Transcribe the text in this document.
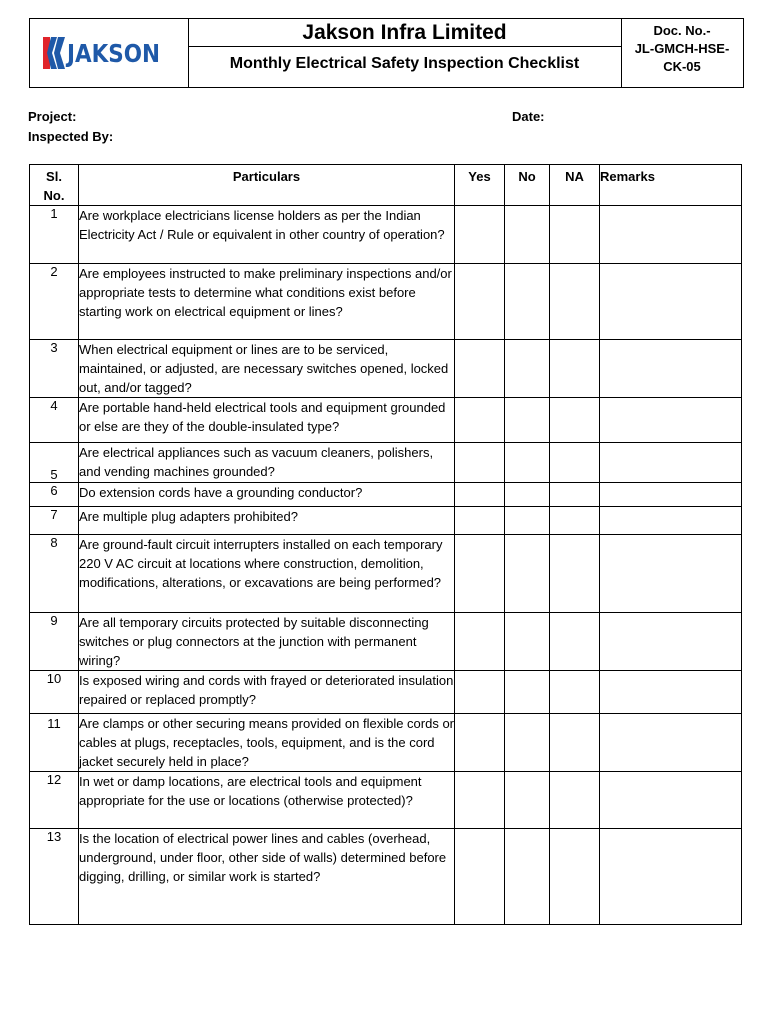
JAKSON
Jakson Infra Limited
Monthly Electrical Safety Inspection Checklist
Doc. No.-
JL-GMCH-HSE-
CK-05
Project:	Date:
Inspected By:
Sl.
No.	Particulars	Yes	No	NA	Remarks
1	Are workplace electricians license holders as per the Indian Electricity Act / Rule or equivalent in other country of operation?				
2	Are employees instructed to make preliminary inspections and/or appropriate tests to determine what conditions exist before starting work on electrical equipment or lines?				
3	When electrical equipment or lines are to be serviced, maintained, or adjusted, are necessary switches opened, locked out, and/or tagged?				
4	Are portable hand-held electrical tools and equipment grounded or else are they of the double-insulated type?				
5	Are electrical appliances such as vacuum cleaners, polishers, and vending machines grounded?				
6	Do extension cords have a grounding conductor?				
7	Are multiple plug adapters prohibited?				
8	Are ground-fault circuit interrupters installed on each temporary 220 V AC circuit at locations where construction, demolition, modifications, alterations, or excavations are being performed?				
9	Are all temporary circuits protected by suitable disconnecting switches or plug connectors at the junction with permanent wiring?				
10	Is exposed wiring and cords with frayed or deteriorated insulation repaired or replaced promptly?				
11	Are clamps or other securing means provided on flexible cords or cables at plugs, receptacles, tools, equipment, and is the cord jacket securely held in place?				
12	In wet or damp locations, are electrical tools and equipment appropriate for the use or locations (otherwise protected)?				
13	Is the location of electrical power lines and cables (overhead, underground, under floor, other side of walls) determined before digging, drilling, or similar work is started?				
